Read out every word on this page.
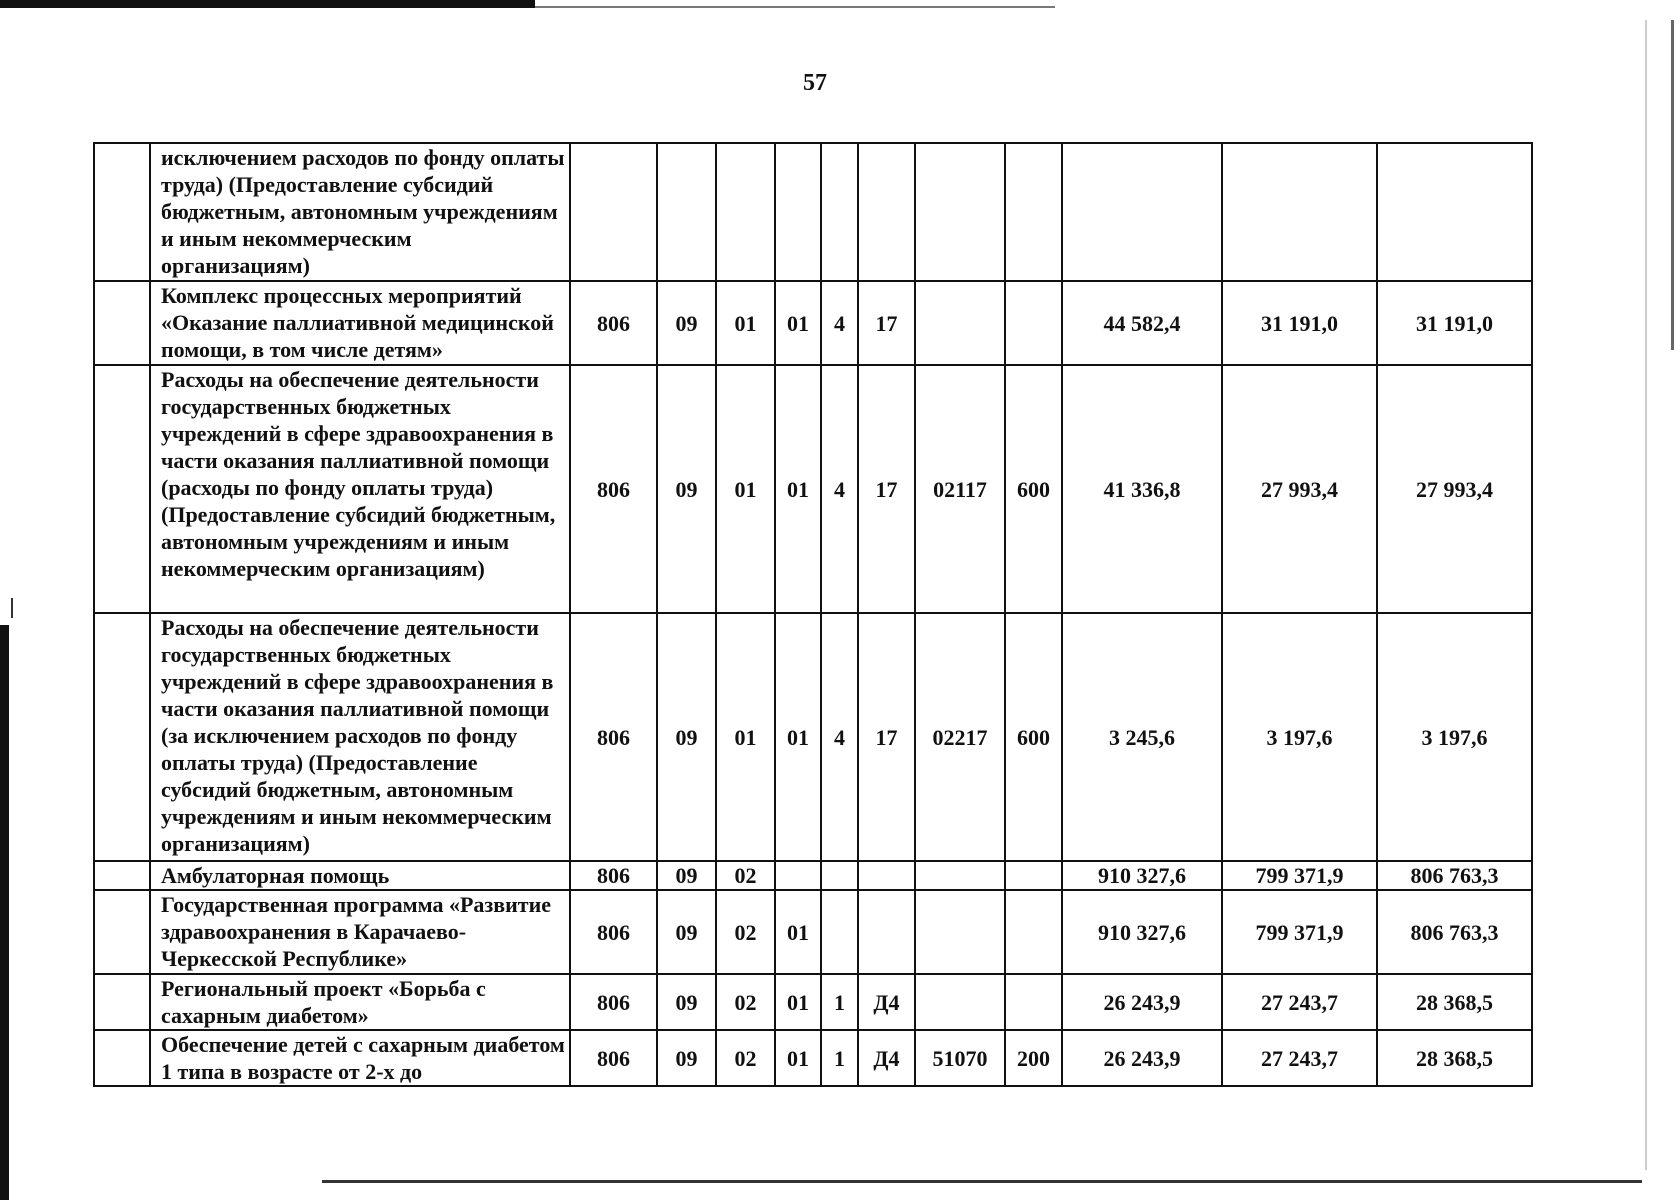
57
	исключением расходов по фонду оплаты труда) (Предоставление субсидий бюджетным, автономным учреждениям и иным некоммерческим организациям)											
	Комплекс процессных мероприятий «Оказание паллиативной медицинской помощи, в том числе детям»	806	09	01	01	4	17			44 582,4	31 191,0	31 191,0
	Расходы на обеспечение деятельности государственных бюджетных учреждений в сфере здравоохранения в части оказания паллиативной помощи (расходы по фонду оплаты труда) (Предоставление субсидий бюджетным, автономным учреждениям и иным некоммерческим организациям)	806	09	01	01	4	17	02117	600	41 336,8	27 993,4	27 993,4
	Расходы на обеспечение деятельности государственных бюджетных учреждений в сфере здравоохранения в части оказания паллиативной помощи (за исключением расходов по фонду оплаты труда) (Предоставление субсидий бюджетным, автономным учреждениям и иным некоммерческим организациям)	806	09	01	01	4	17	02217	600	3 245,6	3 197,6	3 197,6
	Амбулаторная помощь	806	09	02						910 327,6	799 371,9	806 763,3
	Государственная программа «Развитие здравоохранения в Карачаево-Черкесской Республике»	806	09	02	01					910 327,6	799 371,9	806 763,3
	Региональный проект «Борьба с сахарным диабетом»	806	09	02	01	1	Д4			26 243,9	27 243,7	28 368,5
	Обеспечение детей с сахарным диабетом 1 типа в возрасте от 2-х до	806	09	02	01	1	Д4	51070	200	26 243,9	27 243,7	28 368,5
